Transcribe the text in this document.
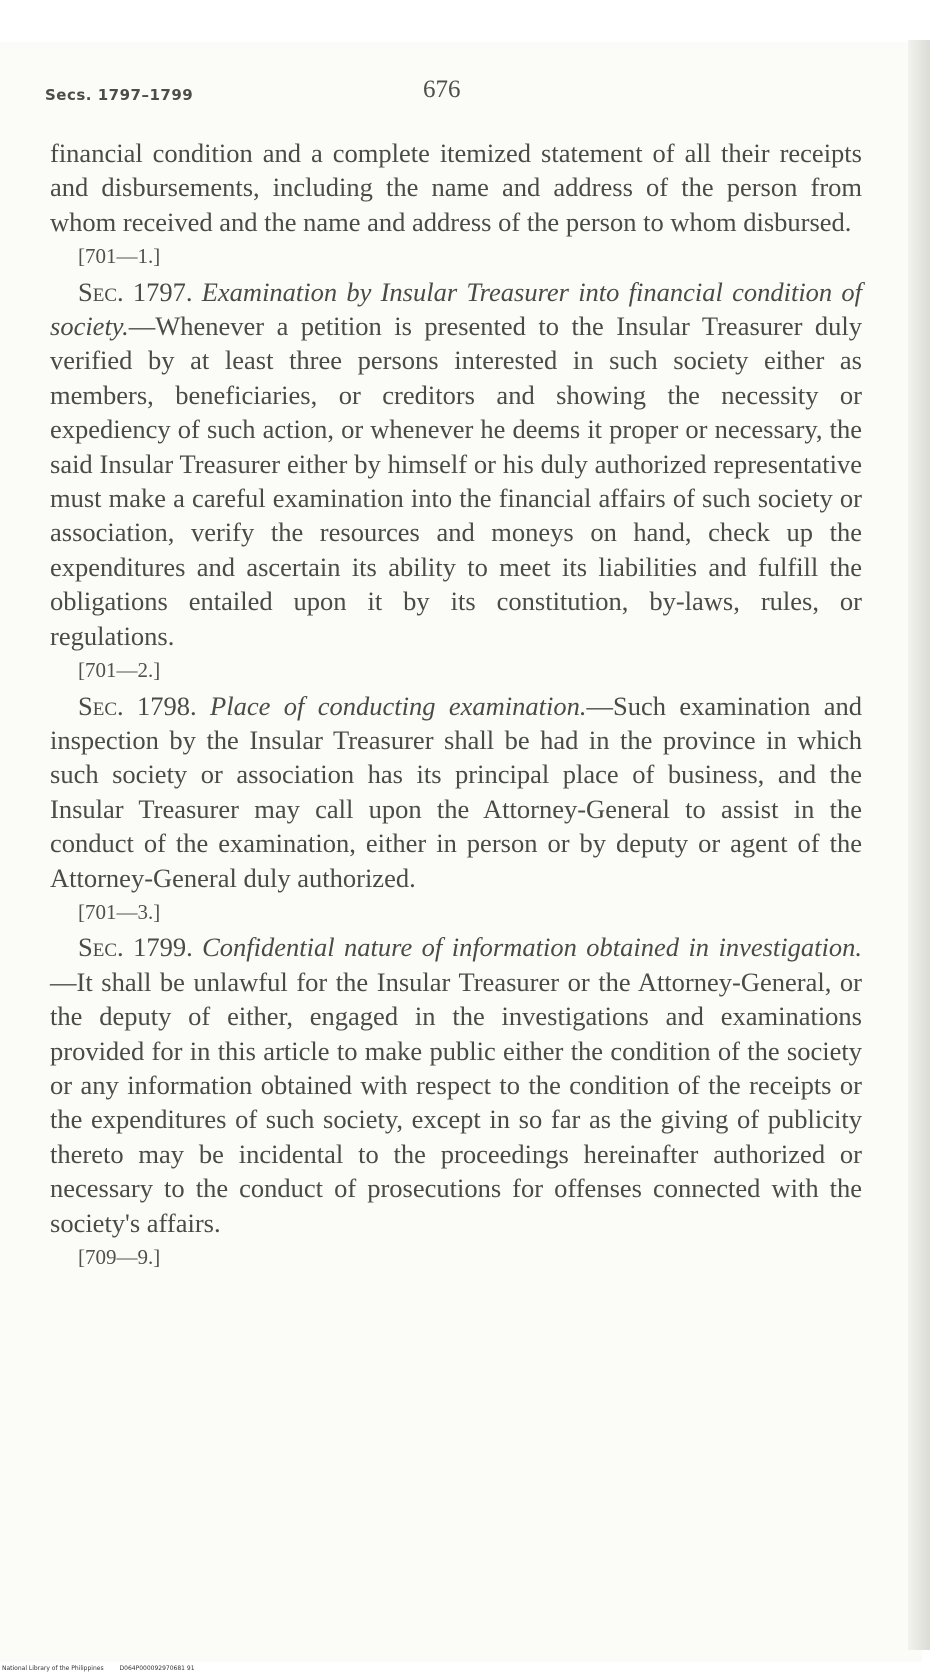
Secs. 1797–1799	676

financial condition and a complete itemized statement of all their receipts and disbursements, including the name and address of the person from whom received and the name and address of the person to whom disbursed.

[701—1.]

Sec. 1797. Examination by Insular Treasurer into financial condition of society.—Whenever a petition is presented to the Insular Treasurer duly verified by at least three persons interested in such society either as members, beneficiaries, or creditors and showing the necessity or expediency of such action, or whenever he deems it proper or necessary, the said Insular Treasurer either by himself or his duly authorized representative must make a careful examination into the financial affairs of such society or association, verify the resources and moneys on hand, check up the expenditures and ascertain its ability to meet its liabilities and fulfill the obligations entailed upon it by its constitution, by-laws, rules, or regulations.

[701—2.]

Sec. 1798. Place of conducting examination.—Such examination and inspection by the Insular Treasurer shall be had in the province in which such society or association has its principal place of business, and the Insular Treasurer may call upon the Attorney-General to assist in the conduct of the examination, either in person or by deputy or agent of the Attorney-General duly authorized.

[701—3.]

Sec. 1799. Confidential nature of information obtained in investigation.—It shall be unlawful for the Insular Treasurer or the Attorney-General, or the deputy of either, engaged in the investigations and examinations provided for in this article to make public either the condition of the society or any information obtained with respect to the condition of the receipts or the expenditures of such society, except in so far as the giving of publicity thereto may be incidental to the proceedings hereinafter authorized or necessary to the conduct of prosecutions for offenses connected with the society's affairs.

[709—9.]
National Library of the Philippines	D064P000092970681 91
